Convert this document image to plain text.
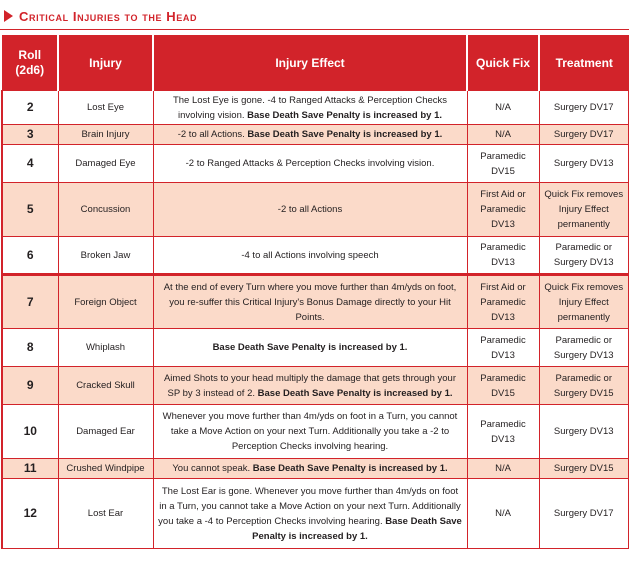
Critical Injuries to the Head
Roll (2d6)	Injury	Injury Effect	Quick Fix	Treatment
2	Lost Eye	The Lost Eye is gone. -4 to Ranged Attacks & Perception Checks involving vision. Base Death Save Penalty is increased by 1.	N/A	Surgery DV17
3	Brain Injury	-2 to all Actions. Base Death Save Penalty is increased by 1.	N/A	Surgery DV17
4	Damaged Eye	-2 to Ranged Attacks & Perception Checks involving vision.	Paramedic DV15	Surgery DV13
5	Concussion	-2 to all Actions	First Aid or Paramedic DV13	Quick Fix removes Injury Effect permanently
6	Broken Jaw	-4 to all Actions involving speech	Paramedic DV13	Paramedic or Surgery DV13
7	Foreign Object	At the end of every Turn where you move further than 4m/yds on foot, you re-suffer this Critical Injury's Bonus Damage directly to your Hit Points.	First Aid or Paramedic DV13	Quick Fix removes Injury Effect permanently
8	Whiplash	Base Death Save Penalty is increased by 1.	Paramedic DV13	Paramedic or Surgery DV13
9	Cracked Skull	Aimed Shots to your head multiply the damage that gets through your SP by 3 instead of 2. Base Death Save Penalty is increased by 1.	Paramedic DV15	Paramedic or Surgery DV15
10	Damaged Ear	Whenever you move further than 4m/yds on foot in a Turn, you cannot take a Move Action on your next Turn. Additionally you take a -2 to Perception Checks involving hearing.	Paramedic DV13	Surgery DV13
11	Crushed Windpipe	You cannot speak. Base Death Save Penalty is increased by 1.	N/A	Surgery DV15
12	Lost Ear	The Lost Ear is gone. Whenever you move further than 4m/yds on foot in a Turn, you cannot take a Move Action on your next Turn. Additionally you take a -4 to Perception Checks involving hearing. Base Death Save Penalty is increased by 1.	N/A	Surgery DV17
